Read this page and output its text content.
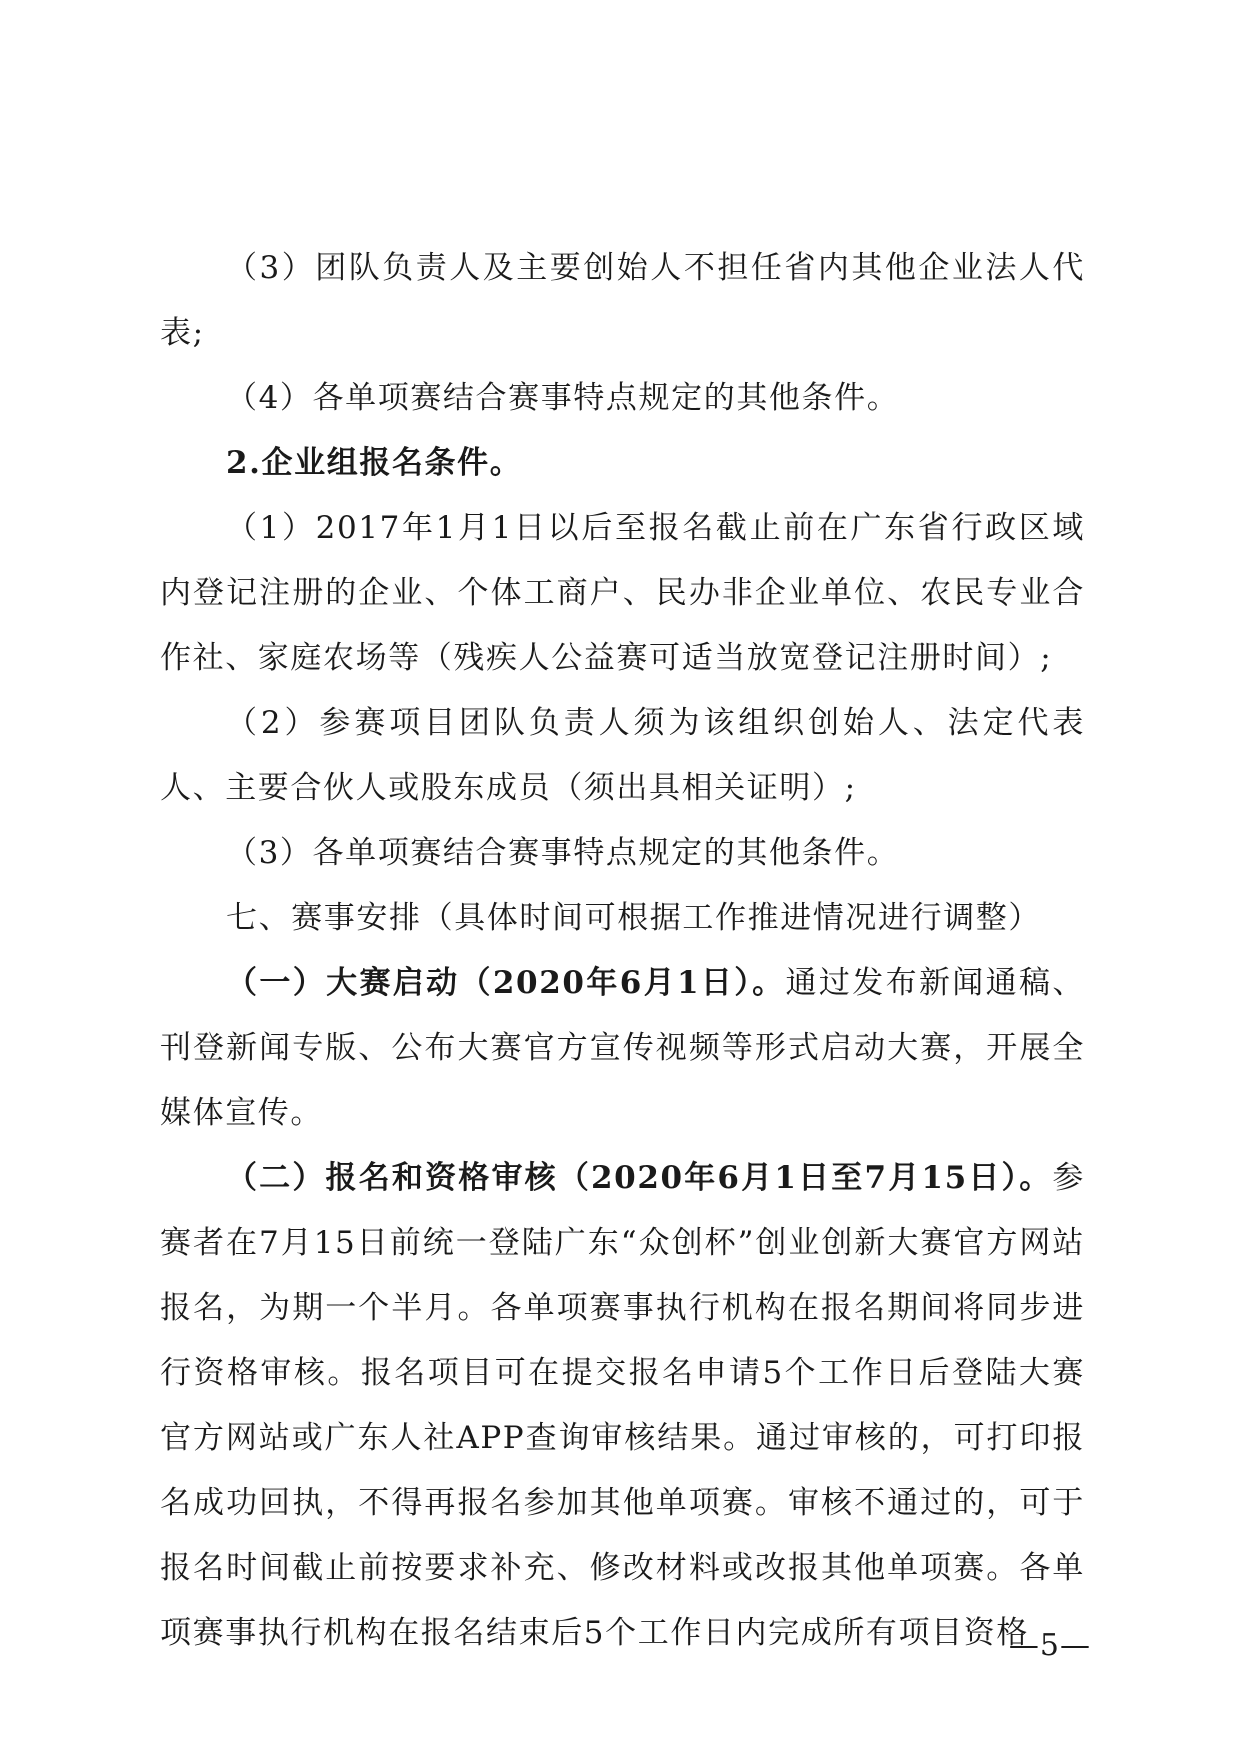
（3）团队负责人及主要创始人不担任省内其他企业法人代表;

（4）各单项赛结合赛事特点规定的其他条件。

2.企业组报名条件。

（1）2017年1月1日以后至报名截止前在广东省行政区域内登记注册的企业、个体工商户、民办非企业单位、农民专业合作社、家庭农场等（残疾人公益赛可适当放宽登记注册时间）;

（2）参赛项目团队负责人须为该组织创始人、法定代表人、主要合伙人或股东成员（须出具相关证明）;

（3）各单项赛结合赛事特点规定的其他条件。

七、赛事安排（具体时间可根据工作推进情况进行调整）

（一）大赛启动（2020年6月1日）。通过发布新闻通稿、刊登新闻专版、公布大赛官方宣传视频等形式启动大赛，开展全媒体宣传。

（二）报名和资格审核（2020年6月1日至7月15日）。参赛者在7月15日前统一登陆广东“众创杯”创业创新大赛官方网站报名，为期一个半月。各单项赛事执行机构在报名期间将同步进行资格审核。报名项目可在提交报名申请5个工作日后登陆大赛官方网站或广东人社APP查询审核结果。通过审核的，可打印报名成功回执，不得再报名参加其他单项赛。审核不通过的，可于报名时间截止前按要求补充、修改材料或改报其他单项赛。各单项赛事执行机构在报名结束后5个工作日内完成所有项目资格

—5—
